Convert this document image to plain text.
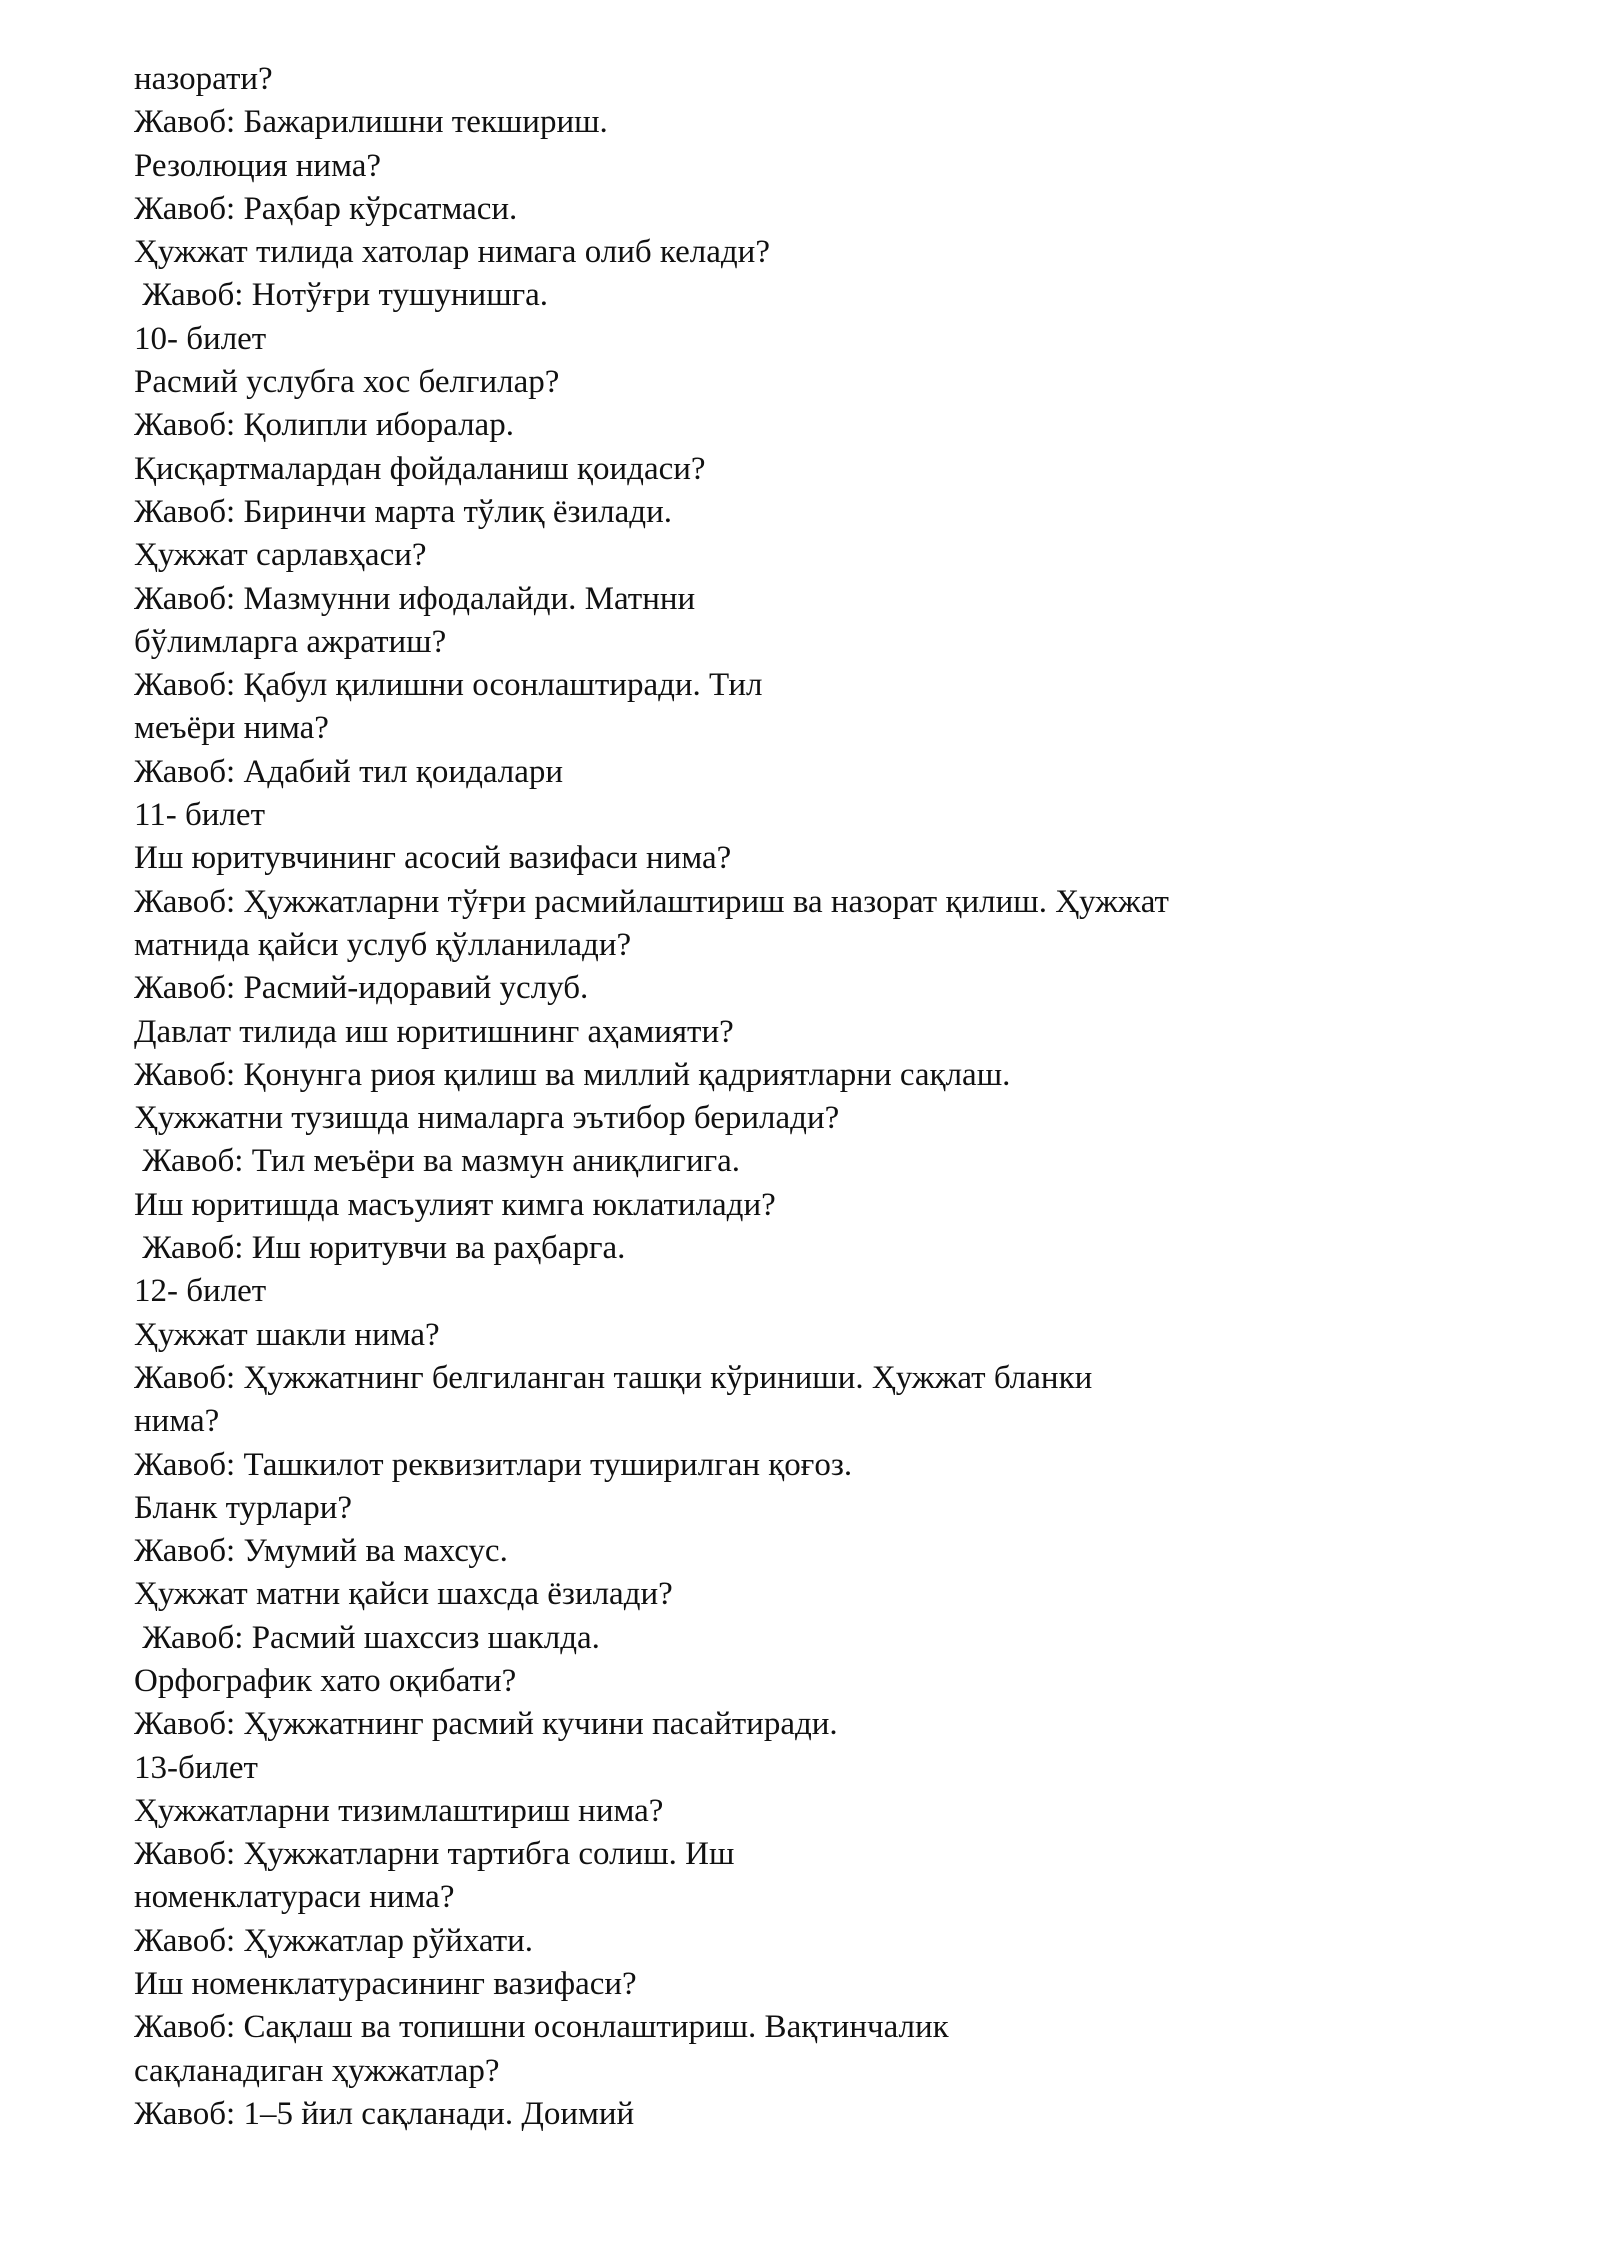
назорати?

Жавоб: Бажарилишни текшириш.

Резолюция нима?

Жавоб: Раҳбар кўрсатмаси.

Ҳужжат тилида хатолар нимага олиб келади?

Жавоб: Нотўғри тушунишга.

10- билет

Расмий услубга хос белгилар?

Жавоб: Қолипли иборалар.

Қисқартмалардан фойдаланиш қоидаси?

Жавоб: Биринчи марта тўлиқ ёзилади.

Ҳужжат сарлавҳаси?

Жавоб: Мазмунни ифодалайди. Матнни

бўлимларга ажратиш?

Жавоб: Қабул қилишни осонлаштиради. Тил

меъёри нима?

Жавоб: Адабий тил қоидалари

11- билет

Иш юритувчининг асосий вазифаси нима?

Жавоб: Ҳужжатларни тўғри расмийлаштириш ва назорат қилиш. Ҳужжат

матнида қайси услуб қўлланилади?

Жавоб: Расмий-идоравий услуб.

Давлат тилида иш юритишнинг аҳамияти?

Жавоб: Қонунга риоя қилиш ва миллий қадриятларни сақлаш.

Ҳужжатни тузишда нималарга эътибор берилади?

Жавоб: Тил меъёри ва мазмун аниқлигига.

Иш юритишда масъулият кимга юклатилади?

Жавоб: Иш юритувчи ва раҳбарга.

12- билет

Ҳужжат шакли нима?

Жавоб: Ҳужжатнинг белгиланган ташқи кўриниши. Ҳужжат бланки

нима?

Жавоб: Ташкилот реквизитлари туширилган қоғоз.

Бланк турлари?

Жавоб: Умумий ва махсус.

Ҳужжат матни қайси шахсда ёзилади?

Жавоб: Расмий шахссиз шаклда.

Орфографик хато оқибати?

Жавоб: Ҳужжатнинг расмий кучини пасайтиради.

13-билет

Ҳужжатларни тизимлаштириш нима?

Жавоб: Ҳужжатларни тартибга солиш. Иш

номенклатураси нима?

Жавоб: Ҳужжатлар рўйхати.

Иш номенклатурасининг вазифаси?

Жавоб: Сақлаш ва топишни осонлаштириш. Вақтинчалик

сақланадиган ҳужжатлар?

Жавоб: 1–5 йил сақланади. Доимий
